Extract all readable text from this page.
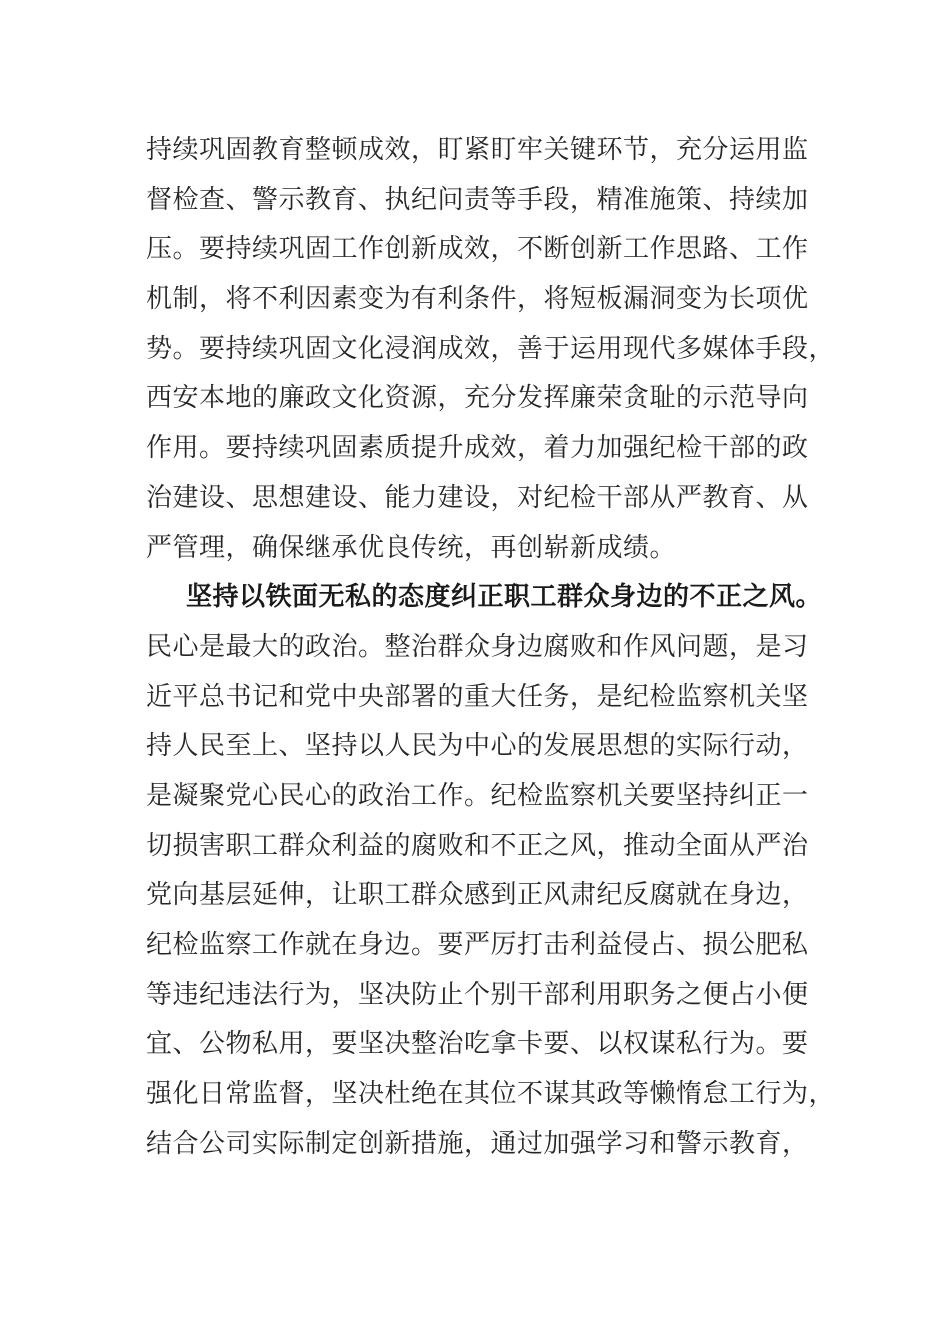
持续巩固教育整顿成效，盯紧盯牢关键环节，充分运用监
督检查、警示教育、执纪问责等手段，精准施策、持续加
压。要持续巩固工作创新成效，不断创新工作思路、工作
机制，将不利因素变为有利条件，将短板漏洞变为长项优
势。要持续巩固文化浸润成效，善于运用现代多媒体手段，
西安本地的廉政文化资源，充分发挥廉荣贪耻的示范导向
作用。要持续巩固素质提升成效，着力加强纪检干部的政
治建设、思想建设、能力建设，对纪检干部从严教育、从
严管理，确保继承优良传统，再创崭新成绩。
坚持以铁面无私的态度纠正职工群众身边的不正之风。
民心是最大的政治。整治群众身边腐败和作风问题，是习
近平总书记和党中央部署的重大任务，是纪检监察机关坚
持人民至上、坚持以人民为中心的发展思想的实际行动，
是凝聚党心民心的政治工作。纪检监察机关要坚持纠正一
切损害职工群众利益的腐败和不正之风，推动全面从严治
党向基层延伸，让职工群众感到正风肃纪反腐就在身边，
纪检监察工作就在身边。要严厉打击利益侵占、损公肥私
等违纪违法行为，坚决防止个别干部利用职务之便占小便
宜、公物私用，要坚决整治吃拿卡要、以权谋私行为。要
强化日常监督，坚决杜绝在其位不谋其政等懒惰怠工行为，
结合公司实际制定创新措施，通过加强学习和警示教育，
